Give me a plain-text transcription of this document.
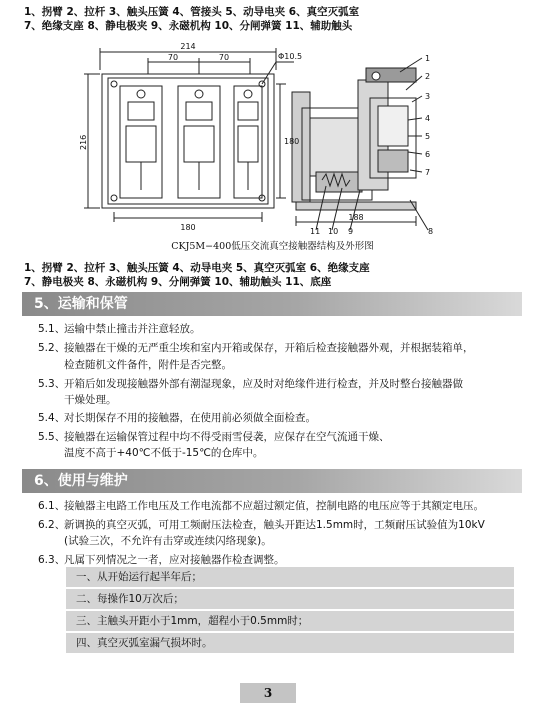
1、拐臂 2、拉杆 3、触头压簧 4、管接头 5、动导电夹 6、真空灭弧室
7、绝缘支座 8、静电极夹 9、永磁机构 10、分闸弹簧 11、辅助触头
214
70	70	Φ10.5
216	180
180
188
1
2
3
4
5
6
7
8
11 10 9
CKJ5M−400低压交流真空接触器结构及外形图
1、拐臂 2、拉杆 3、触头压簧 4、动导电夹 5、真空灭弧室 6、绝缘支座
7、静电极夹 8、永磁机构 9、分闸弹簧 10、辅助触头 11、底座
5、运输和保管
5.1、运输中禁止撞击并注意轻放。
5.2、接触器在干燥的无严重尘埃和室内开箱或保存，开箱后检查接触器外观，并根据装箱单，
检查随机文件备件，附件是否完整。
5.3、开箱后如发现接触器外部有潮湿现象，应及时对绝缘件进行检查，并及时整台接触器做
干燥处理。
5.4、对长期保存不用的接触器，在使用前必须做全面检查。
5.5、接触器在运输保管过程中均不得受雨雪侵袭，应保存在空气流通干燥、
温度不高于+40℃不低于-15℃的仓库中。
6、使用与维护
6.1、接触器主电路工作电压及工作电流都不应超过额定值，控制电路的电压应等于其额定电压。
6.2、新调换的真空灭弧，可用工频耐压法检查，触头开距达1.5mm时，工频耐压试验值为10kV
(试验三次，不允许有击穿或连续闪络现象)。
6.3、凡属下列情况之一者，应对接触器作检查调整。
一、从开始运行起半年后；
二、每操作10万次后；
三、主触头开距小于1mm，超程小于0.5mm时；
四、真空灭弧室漏气损坏时。
3
